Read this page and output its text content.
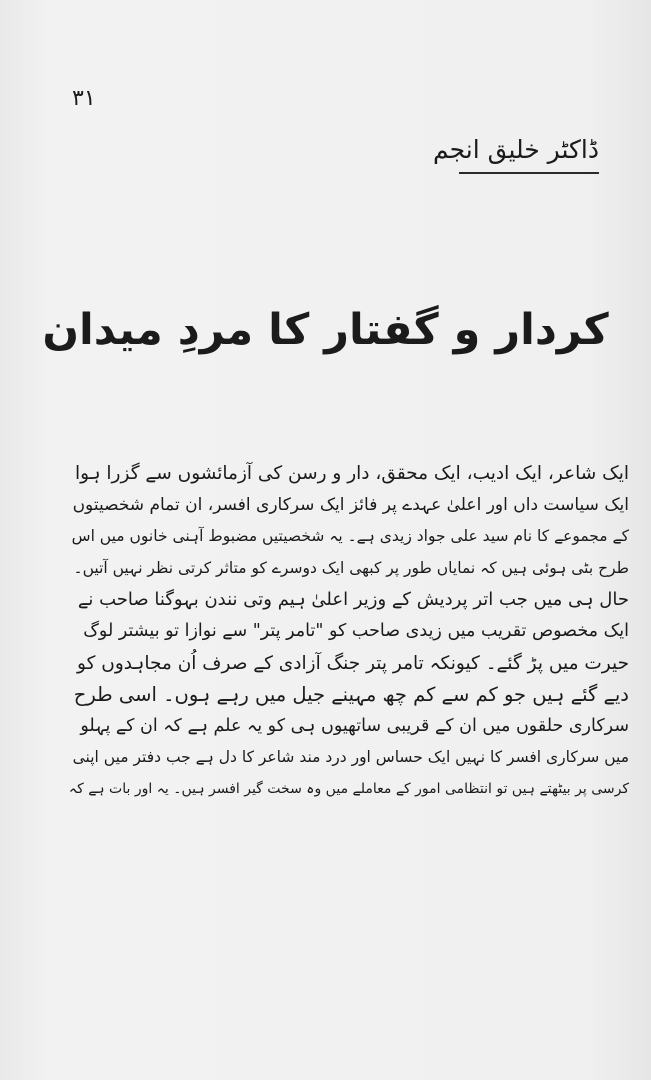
۳۱
ڈاکٹر خلیق انجم
کردار و گفتار کا مردِ میدان

ایک شاعر، ایک ادیب، ایک محقق، دار و رسن کی آزمائشوں سے گزرا ہوا

ایک سیاست داں اور اعلیٰ عہدے پر فائز ایک سرکاری افسر، ان تمام شخصیتوں

کے مجموعے کا نام سید علی جواد زیدی ہے۔ یہ شخصیتیں مضبوط آہنی خانوں میں اس

طرح بٹی ہوئی ہیں کہ نمایاں طور پر کبھی ایک دوسرے کو متاثر کرتی نظر نہیں آتیں۔

حال ہی میں جب اتر پردیش کے وزیر اعلیٰ ہیم وتی نندن بہوگنا صاحب نے

ایک مخصوص تقریب میں زیدی صاحب کو "تامر پتر" سے نوازا تو بیشتر لوگ

حیرت میں پڑ گئے۔ کیونکہ تامر پتر جنگ آزادی کے صرف اُن مجاہدوں کو

دیے گئے ہیں جو کم سے کم چھ مہینے جیل میں رہے ہوں۔ اسی طرح

سرکاری حلقوں میں ان کے قریبی ساتھیوں ہی کو یہ علم ہے کہ ان کے پہلو

میں سرکاری افسر کا نہیں ایک حساس اور درد مند شاعر کا دل ہے جب دفتر میں اپنی

کرسی پر بیٹھتے ہیں تو انتظامی امور کے معاملے میں وہ سخت گیر افسر ہیں۔ یہ اور بات ہے کہ
